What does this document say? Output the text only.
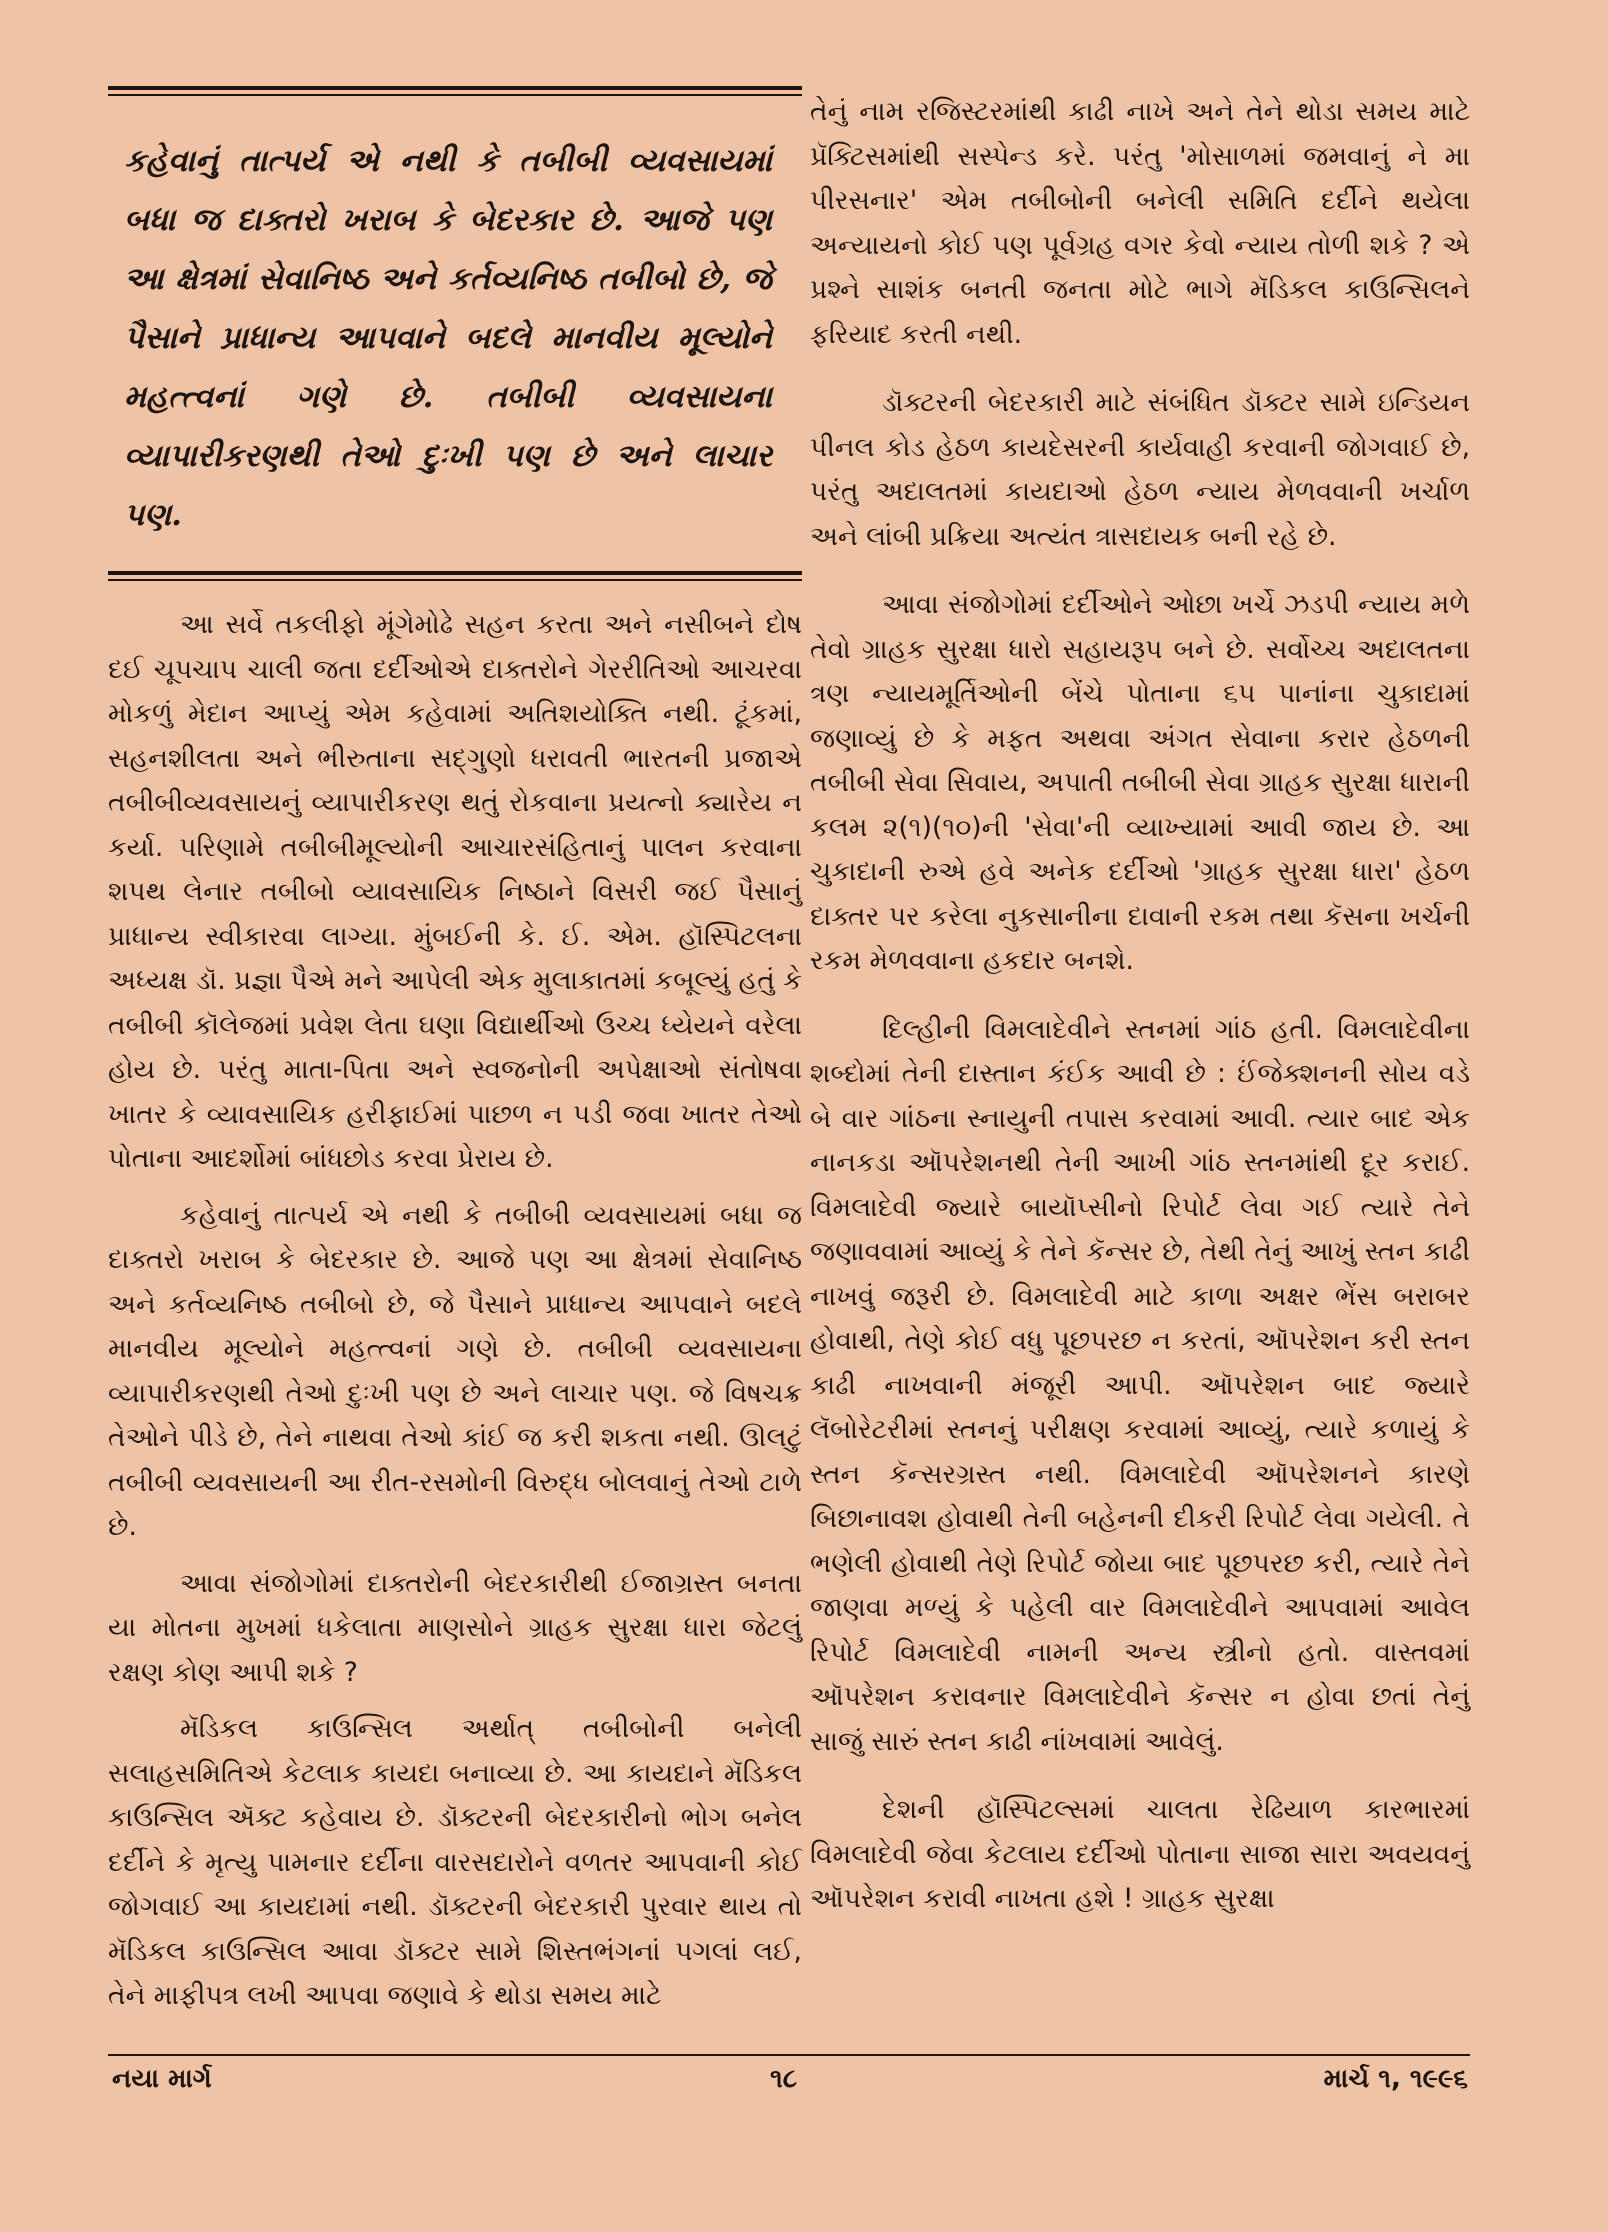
કહેવાનું તાત્પર્ય એ નથી કે તબીબી વ્યવસાયમાં બધા જ દાક્તરો ખરાબ કે બેદરકાર છે. આજે પણ આ ક્ષેત્રમાં સેવાનિષ્ઠ અને કર્તવ્યનિષ્ઠ તબીબો છે, જે પૈસાને પ્રાધાન્ય આપવાને બદલે માનવીય મૂલ્યોને મહત્ત્વનાં ગણે છે. તબીબી વ્યવસાયના વ્યાપારીકરણથી તેઓ દુઃખી પણ છે અને લાચાર પણ.

આ સર્વે તકલીફો મૂંગેમોઢે સહન કરતા અને નસીબને દોષ દઈ ચૂપચાપ ચાલી જતા દર્દીઓએ દાક્તરોને ગેરરીતિઓ આચરવા મોકળું મેદાન આપ્યું એમ કહેવામાં અતિશયોક્તિ નથી. ટૂંકમાં, સહનશીલતા અને ભીરુતાના સદ્‌ગુણો ધરાવતી ભારતની પ્રજાએ તબીબીવ્યવસાયનું વ્યાપારીકરણ થતું રોકવાના પ્રયત્નો ક્યારેય ન કર્યા. પરિણામે તબીબીમૂલ્યોની આચારસંહિતાનું પાલન કરવાના શપથ લેનાર તબીબો વ્યાવસાયિક નિષ્ઠાને વિસરી જઈ પૈસાનું પ્રાધાન્ય સ્વીકારવા લાગ્યા. મુંબઈની કે. ઈ. એમ. હૉસ્પિટલના અધ્યક્ષ ડૉ. પ્રજ્ઞા પૈએ મને આપેલી એક મુલાકાતમાં કબૂલ્યું હતું કે તબીબી કૉલેજમાં પ્રવેશ લેતા ઘણા વિદ્યાર્થીઓ ઉચ્ચ ધ્યેયને વરેલા હોય છે. પરંતુ માતા-પિતા અને સ્વજનોની અપેક્ષાઓ સંતોષવા ખાતર કે વ્યાવસાયિક હરીફાઈમાં પાછળ ન પડી જવા ખાતર તેઓ પોતાના આદર્શોમાં બાંધછોડ કરવા પ્રેરાય છે.

કહેવાનું તાત્પર્ય એ નથી કે તબીબી વ્યવસાયમાં બધા જ દાક્તરો ખરાબ કે બેદરકાર છે. આજે પણ આ ક્ષેત્રમાં સેવાનિષ્ઠ અને કર્તવ્યનિષ્ઠ તબીબો છે, જે પૈસાને પ્રાધાન્ય આપવાને બદલે માનવીય મૂલ્યોને મહત્ત્વનાં ગણે છે. તબીબી વ્યવસાયના વ્યાપારીકરણથી તેઓ દુઃખી પણ છે અને લાચાર પણ. જે વિષચક્ર તેઓને પીડે છે, તેને નાથવા તેઓ કાંઈ જ કરી શકતા નથી. ઊલટું તબીબી વ્યવસાયની આ રીત-રસમોની વિરુદ્ધ બોલવાનું તેઓ ટાળે છે.

આવા સંજોગોમાં દાક્તરોની બેદરકારીથી ઈજાગ્રસ્ત બનતા યા મોતના મુખમાં ધકેલાતા માણસોને ગ્રાહક સુરક્ષા ધારા જેટલું રક્ષણ કોણ આપી શકે ?

મૅડિકલ કાઉન્સિલ અર્થાત્ તબીબોની બનેલી સલાહસમિતિએ કેટલાક કાયદા બનાવ્યા છે. આ કાયદાને મૅડિકલ કાઉન્સિલ ઍક્ટ કહેવાય છે. ડૉક્ટરની બેદરકારીનો ભોગ બનેલ દર્દીને કે મૃત્યુ પામનાર દર્દીના વારસદારોને વળતર આપવાની કોઈ જોગવાઈ આ કાયદામાં નથી. ડૉક્ટરની બેદરકારી પુરવાર થાય તો મૅડિકલ કાઉન્સિલ આવા ડૉક્ટર સામે શિસ્તભંગનાં પગલાં લઈ, તેને માફીપત્ર લખી આપવા જણાવે કે થોડા સમય માટે

તેનું નામ રજિસ્ટરમાંથી કાઢી નાખે અને તેને થોડા સમય માટે પ્રૅક્ટિસમાંથી સસ્પેન્ડ કરે. પરંતુ 'મોસાળમાં જમવાનું ને મા પીરસનાર' એમ તબીબોની બનેલી સમિતિ દર્દીને થયેલા અન્યાયનો કોઈ પણ પૂર્વગ્રહ વગર કેવો ન્યાય તોળી શકે ? એ પ્રશ્ને સાશંક બનતી જનતા મોટે ભાગે મૅડિકલ કાઉન્સિલને ફરિયાદ કરતી નથી.

ડૉક્ટરની બેદરકારી માટે સંબંધિત ડૉક્ટર સામે ઇન્ડિયન પીનલ કોડ હેઠળ કાયદેસરની કાર્યવાહી કરવાની જોગવાઈ છે, પરંતુ અદાલતમાં કાયદાઓ હેઠળ ન્યાય મેળવવાની ખર્ચાળ અને લાંબી પ્રક્રિયા અત્યંત ત્રાસદાયક બની રહે છે.

આવા સંજોગોમાં દર્દીઓને ઓછા ખર્ચે ઝડપી ન્યાય મળે તેવો ગ્રાહક સુરક્ષા ધારો સહાયરૂપ બને છે. સર્વોચ્ચ અદાલતના ત્રણ ન્યાયમૂર્તિઓની બેંચે પોતાના ૬૫ પાનાંના ચુકાદામાં જણાવ્યું છે કે મફત અથવા અંગત સેવાના કરાર હેઠળની તબીબી સેવા સિવાય, અપાતી તબીબી સેવા ગ્રાહક સુરક્ષા ધારાની કલમ ૨(૧)(૧૦)ની 'સેવા'ની વ્યાખ્યામાં આવી જાય છે. આ ચુકાદાની રુએ હવે અનેક દર્દીઓ 'ગ્રાહક સુરક્ષા ધારા' હેઠળ દાક્તર પર કરેલા નુકસાનીના દાવાની રકમ તથા કૅસના ખર્ચની રકમ મેળવવાના હકદાર બનશે.

દિલ્હીની વિમલાદેવીને સ્તનમાં ગાંઠ હતી. વિમલાદેવીના શબ્દોમાં તેની દાસ્તાન કંઈક આવી છે : ઈંજેક્શનની સોય વડે બે વાર ગાંઠના સ્નાયુની તપાસ કરવામાં આવી. ત્યાર બાદ એક નાનકડા ઑપરેશનથી તેની આખી ગાંઠ સ્તનમાંથી દૂર કરાઈ. વિમલાદેવી જ્યારે બાયૉપ્સીનો રિપોર્ટ લેવા ગઈ ત્યારે તેને જણાવવામાં આવ્યું કે તેને કૅન્સર છે, તેથી તેનું આખું સ્તન કાઢી નાખવું જરૂરી છે. વિમલાદેવી માટે કાળા અક્ષર ભેંસ બરાબર હોવાથી, તેણે કોઈ વધુ પૂછપરછ ન કરતાં, ઑપરેશન કરી સ્તન કાઢી નાખવાની મંજૂરી આપી. ઑપરેશન બાદ જ્યારે લૅબોરેટરીમાં સ્તનનું પરીક્ષણ કરવામાં આવ્યું, ત્યારે કળાયું કે સ્તન કૅન્સરગ્રસ્ત નથી. વિમલાદેવી ઑપરેશનને કારણે બિછાનાવશ હોવાથી તેની બહેનની દીકરી રિપોર્ટ લેવા ગયેલી. તે ભણેલી હોવાથી તેણે રિપોર્ટ જોયા બાદ પૂછપરછ કરી, ત્યારે તેને જાણવા મળ્યું કે પહેલી વાર વિમલાદેવીને આપવામાં આવેલ રિપોર્ટ વિમલાદેવી નામની અન્ય સ્ત્રીનો હતો. વાસ્તવમાં ઑપરેશન કરાવનાર વિમલાદેવીને કૅન્સર ન હોવા છતાં તેનું સાજું સારું સ્તન કાઢી નાંખવામાં આવેલું.

દેશની હૉસ્પિટલ્સમાં ચાલતા રેઢિયાળ કારભારમાં વિમલાદેવી જેવા કેટલાય દર્દીઓ પોતાના સાજા સારા અવયવનું ઑપરેશન કરાવી નાખતા હશે ! ગ્રાહક સુરક્ષા

નયા માર્ગ	૧૮	માર્ચ ૧, ૧૯૯૬
